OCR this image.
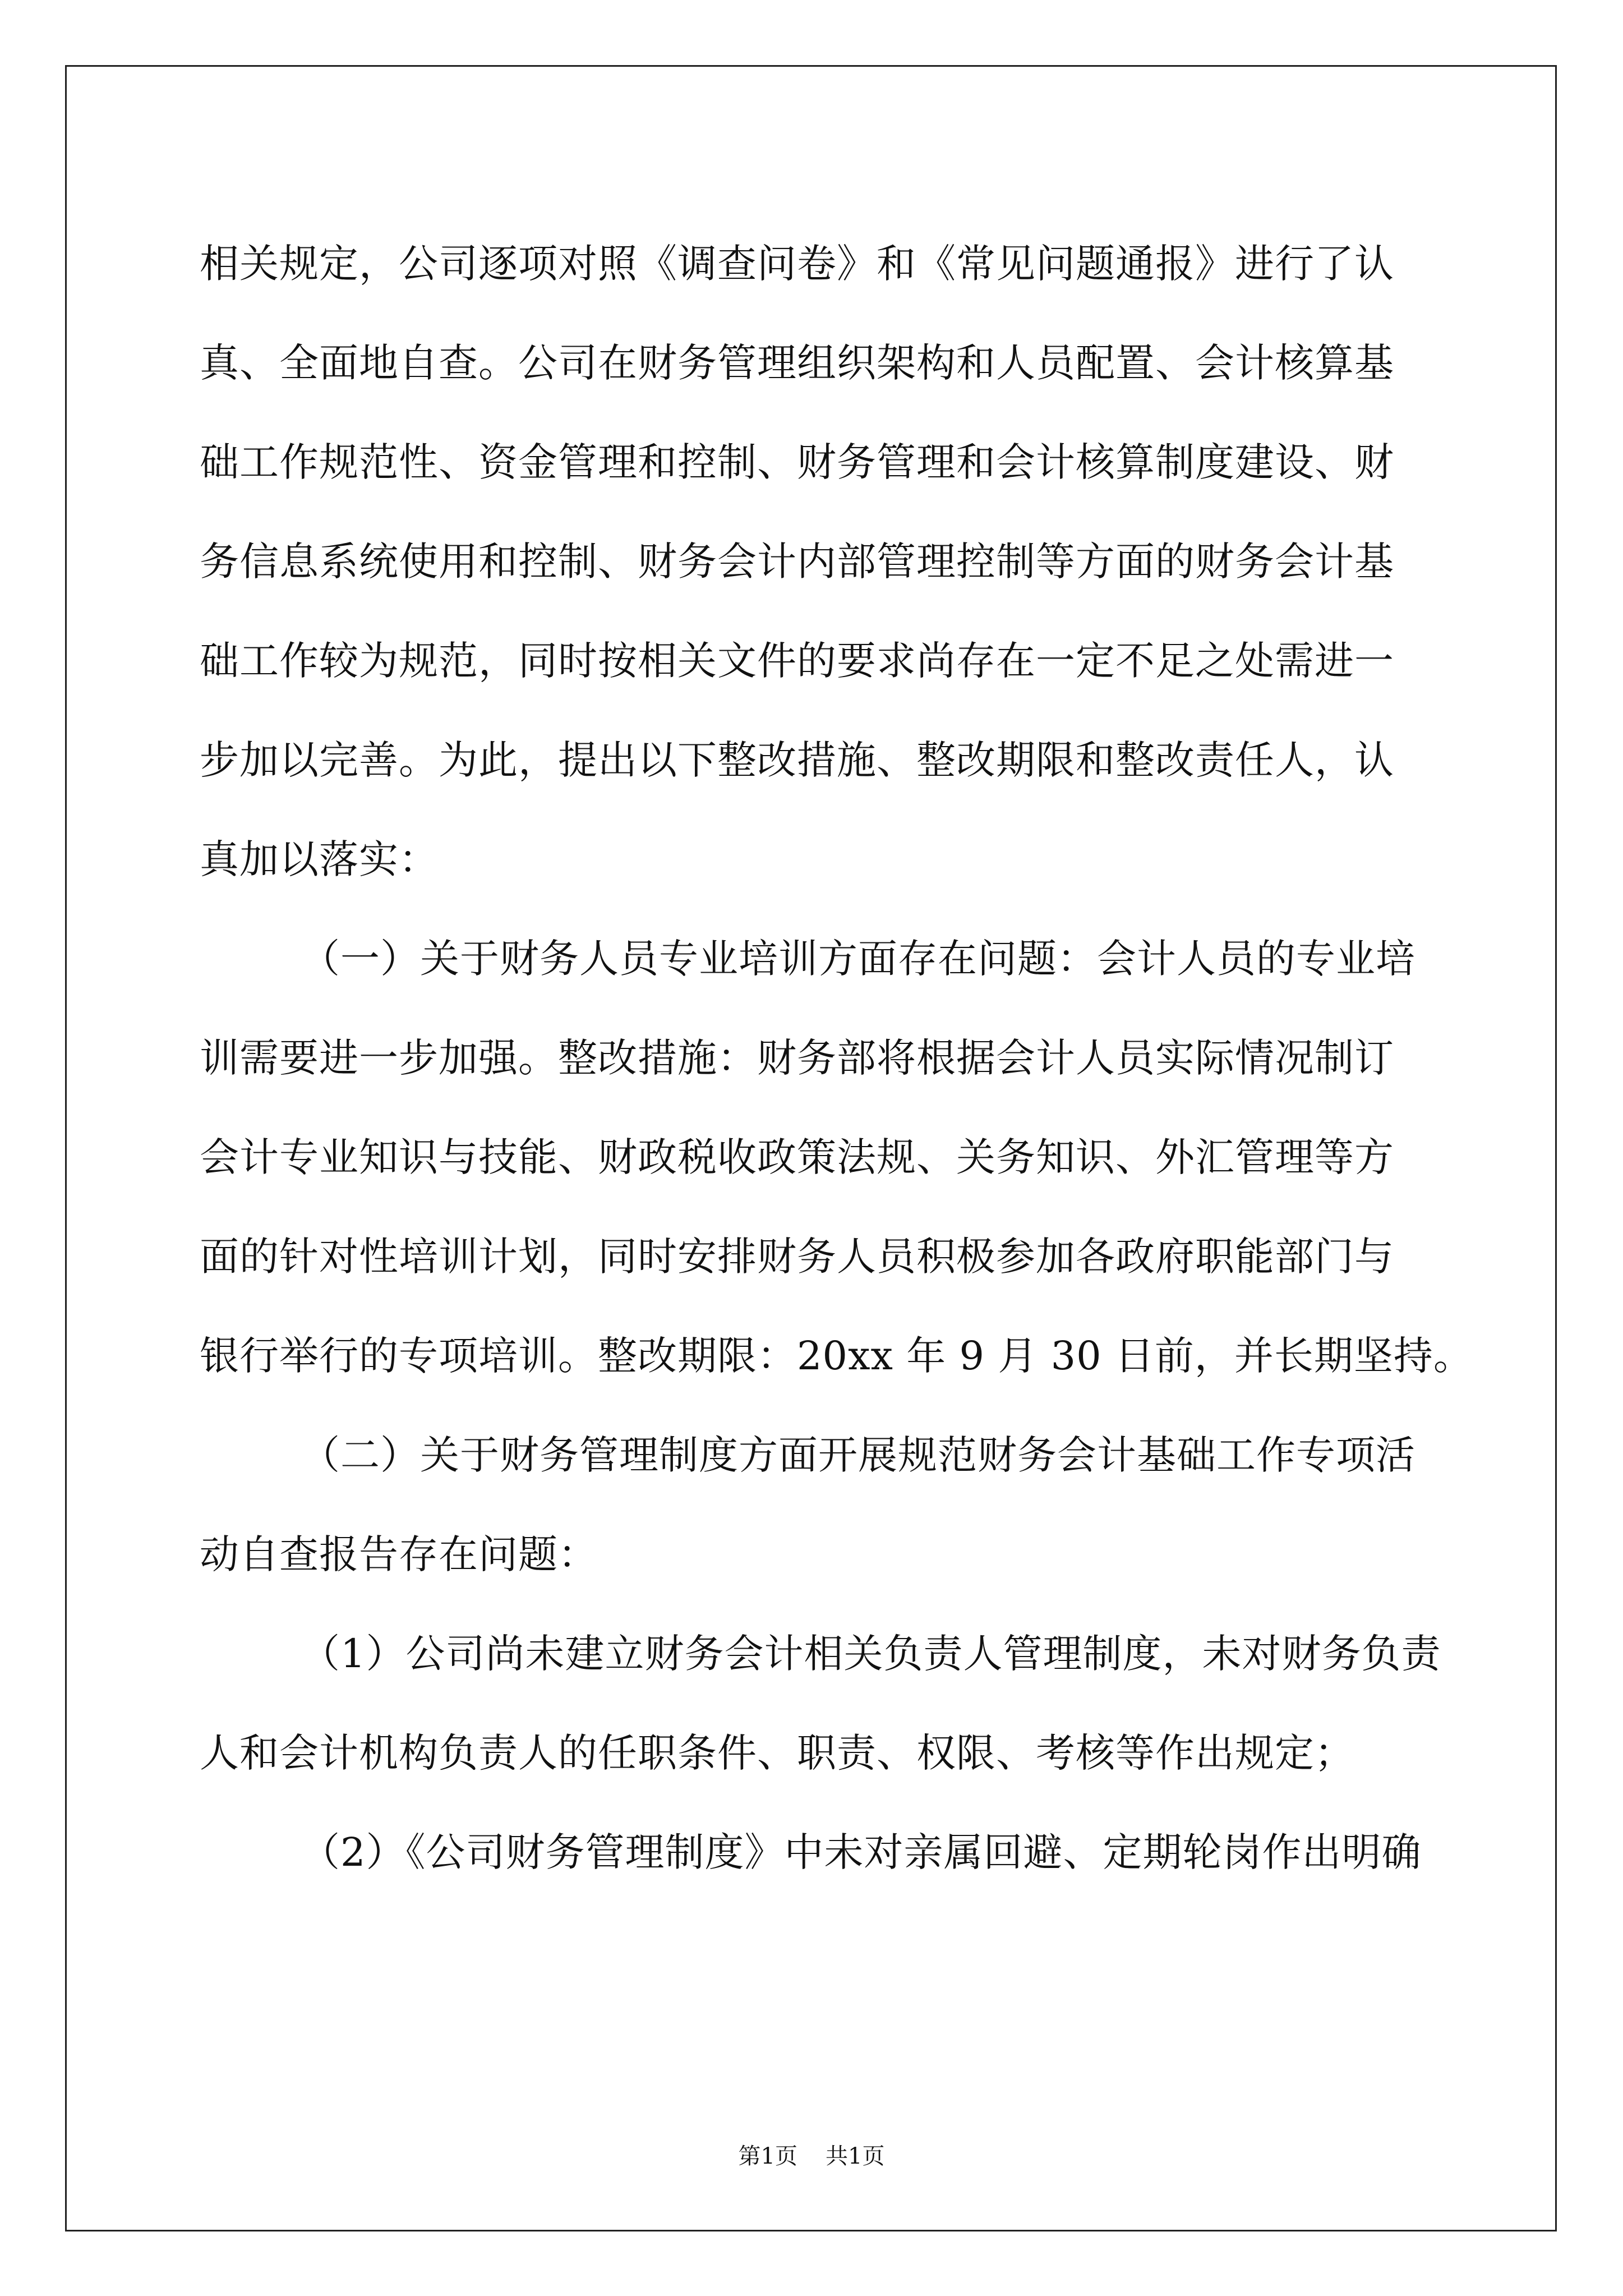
相关规定，公司逐项对照《调查问卷》和《常见问题通报》进行了认
真、全面地自查。公司在财务管理组织架构和人员配置、会计核算基
础工作规范性、资金管理和控制、财务管理和会计核算制度建设、财
务信息系统使用和控制、财务会计内部管理控制等方面的财务会计基
础工作较为规范，同时按相关文件的要求尚存在一定不足之处需进一
步加以完善。为此，提出以下整改措施、整改期限和整改责任人，认
真加以落实：
（一）关于财务人员专业培训方面存在问题：会计人员的专业培
训需要进一步加强。整改措施：财务部将根据会计人员实际情况制订
会计专业知识与技能、财政税收政策法规、关务知识、外汇管理等方
面的针对性培训计划，同时安排财务人员积极参加各政府职能部门与
银行举行的专项培训。整改期限：20xx 年 9 月 30 日前，并长期坚持。
（二）关于财务管理制度方面开展规范财务会计基础工作专项活
动自查报告存在问题：
（1）公司尚未建立财务会计相关负责人管理制度，未对财务负责
人和会计机构负责人的任职条件、职责、权限、考核等作出规定；
（2）《公司财务管理制度》中未对亲属回避、定期轮岗作出明确
第1页 共1页
